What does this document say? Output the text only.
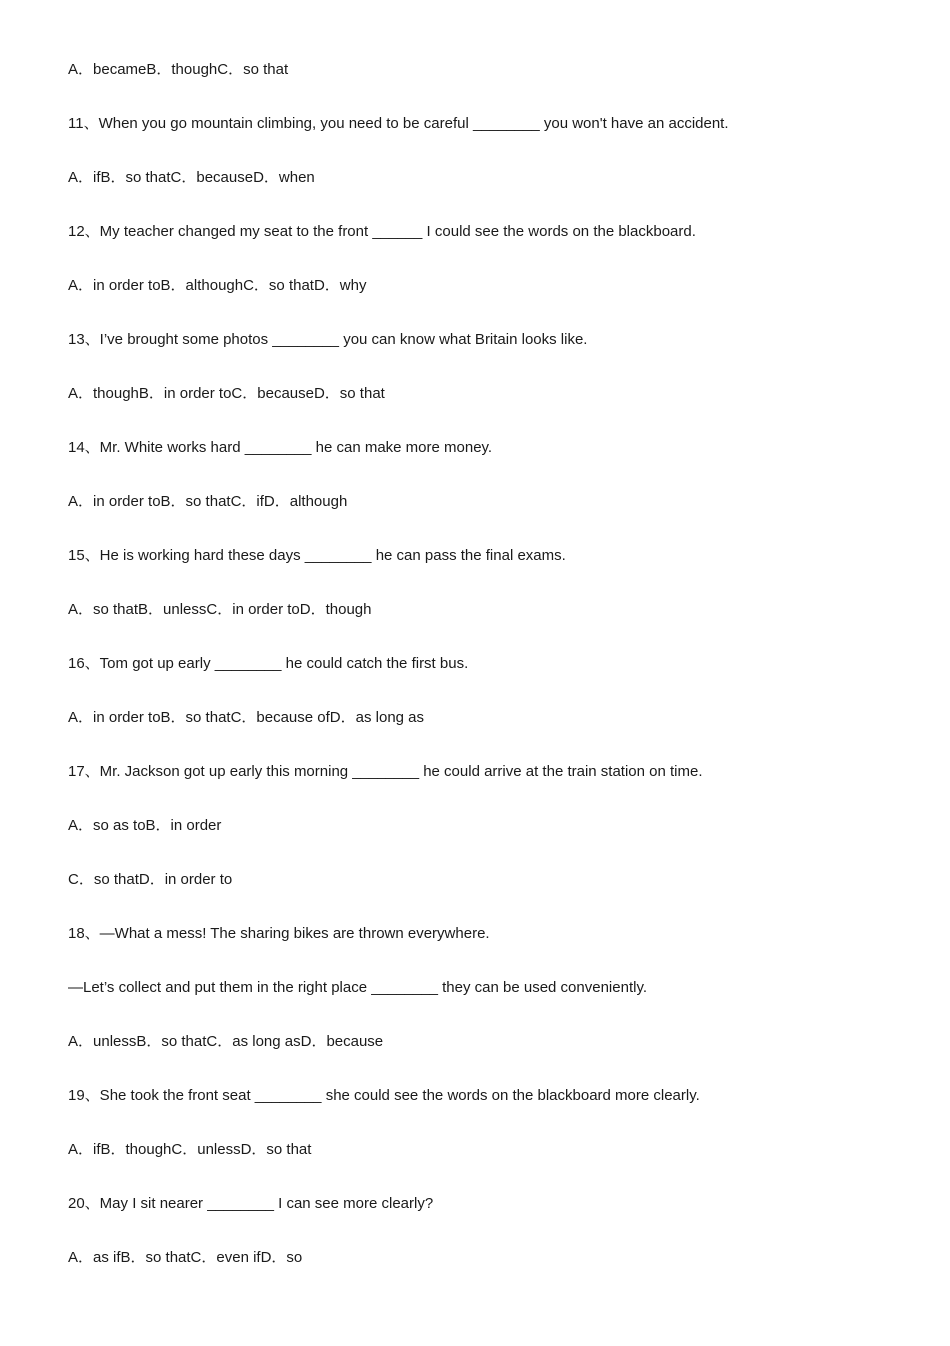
A．becameB．thoughC．so that
11、When you go mountain climbing, you need to be careful ________ you won't have an accident.
A．ifB．so thatC．becauseD．when
12、My teacher changed my seat to the front ______ I could see the words on the blackboard.
A．in order toB．althoughC．so thatD．why
13、I’ve brought some photos ________ you can know what Britain looks like.
A．thoughB．in order toC．becauseD．so that
14、Mr. White works hard ________ he can make more money.
A．in order toB．so thatC．ifD．although
15、He is working hard these days ________ he can pass the final exams.
A．so thatB．unlessC．in order toD．though
16、Tom got up early ________ he could catch the first bus.
A．in order toB．so thatC．because ofD．as long as
17、Mr. Jackson got up early this morning ________ he could arrive at the train station on time.
A．so as toB．in order
C．so thatD．in order to
18、—What a mess! The sharing bikes are thrown everywhere.
—Let’s collect and put them in the right place ________ they can be used conveniently.
A．unlessB．so thatC．as long asD．because
19、She took the front seat ________ she could see the words on the blackboard more clearly.
A．ifB．thoughC．unlessD．so that
20、May I sit nearer ________ I can see more clearly?
A．as ifB．so thatC．even ifD．so
